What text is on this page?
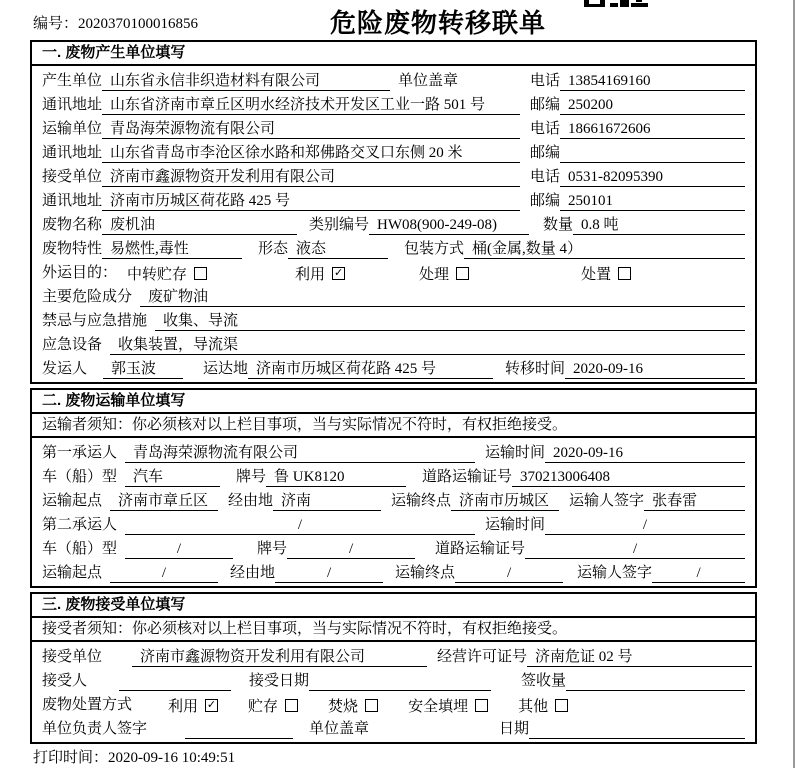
编号：2020370100016856	危险废物转移联单
一. 废物产生单位填写
产生单位 山东省永信非织造材料有限公司	单位盖章	电话 13854169160
通讯地址 山东省济南市章丘区明水经济技术开发区工业一路 501 号	邮编 250200
运输单位 青岛海荣源物流有限公司	电话 18661672606
通讯地址 山东省青岛市李沧区徐水路和郑佛路交叉口东侧 20 米	邮编
接受单位 济南市鑫源物资开发利用有限公司	电话 0531-82095390
通讯地址 济南市历城区荷花路 425 号	邮编 250101
废物名称 废机油	类别编号 HW08(900-249-08)	数量 0.8 吨
废物特性 易燃性,毒性	形态 液态	包装方式 桶(金属,数量 4）
外运目的： 中转贮存	利用 ✓	处理	处置
主要危险成分	废矿物油
禁忌与应急措施	收集、导流
应急设备	收集装置，导流渠
发运人	郭玉波	运达地 济南市历城区荷花路 425 号	转移时间 2020-09-16
二. 废物运输单位填写
运输者须知：你必须核对以上栏目事项，当与实际情况不符时，有权拒绝接受。
第一承运人	青岛海荣源物流有限公司	运输时间 2020-09-16
车（船）型	汽车	牌号 鲁 UK8120	道路运输证号 370213006408
运输起点	济南市章丘区	经由地 济南	运输终点 济南市历城区	运输人签字 张春雷
第二承运人	/	运输时间	/
车（船）型	/	牌号	/	道路运输证号	/
运输起点	/	经由地	/	运输终点	/	运输人签字	/
三. 废物接受单位填写
接受者须知：你必须核对以上栏目事项，当与实际情况不符时，有权拒绝接受。
接受单位	济南市鑫源物资开发利用有限公司	经营许可证号 济南危证 02 号
接受人	接受日期	签收量
废物处置方式 利用 ✓ 贮存	焚烧	安全填埋	其他
单位负责人签字	单位盖章	日期
打印时间：2020-09-16 10:49:51
